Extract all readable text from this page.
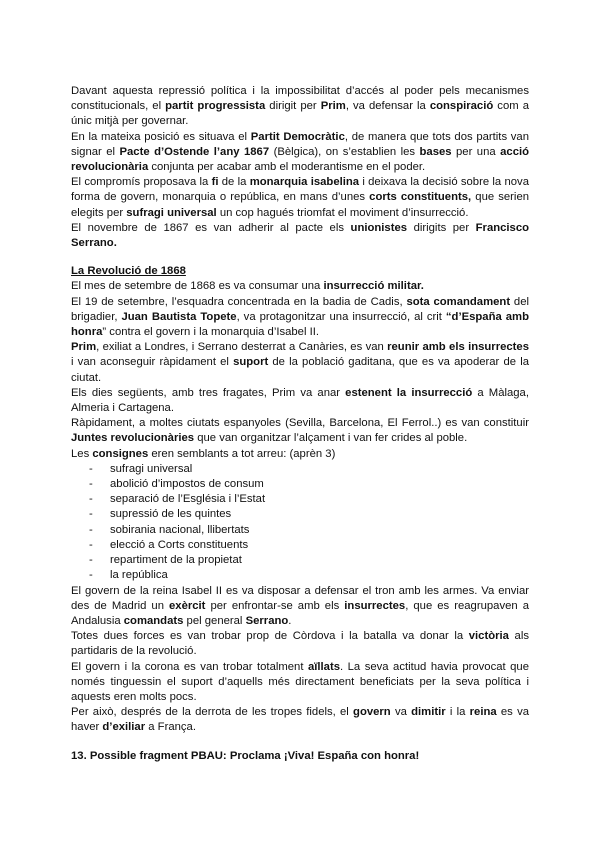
Davant aquesta repressió política i la impossibilitat d’accés al poder pels mecanismes constitucionals, el partit progressista dirigit per Prim, va defensar la conspiració com a únic mitjà per governar.

En la mateixa posició es situava el Partit Democràtic, de manera que tots dos partits van signar el Pacte d’Ostende l’any 1867 (Bèlgica), on s’establien les bases per una acció revolucionària conjunta per acabar amb el moderantisme en el poder.

El compromís proposava la fi de la monarquia isabelina i deixava la decisió sobre la nova forma de govern, monarquia o república, en mans d’unes corts constituents, que serien elegits per sufragi universal un cop hagués triomfat el moviment d’insurrecció.

El novembre de 1867 es van adherir al pacte els unionistes dirigits per Francisco Serrano.

La Revolució de 1868

El mes de setembre de 1868 es va consumar una insurrecció militar.

El 19 de setembre, l’esquadra concentrada en la badia de Cadis, sota comandament del brigadier, Juan Bautista Topete, va protagonitzar una insurrecció, al crit “d’España amb honra” contra el govern i la monarquia d’Isabel II.

Prim, exiliat a Londres, i Serrano desterrat a Canàries, es van reunir amb els insurrectes i van aconseguir ràpidament el suport de la població gaditana, que es va apoderar de la ciutat.

Els dies següents, amb tres fragates, Prim va anar estenent la insurrecció a Màlaga, Almeria i Cartagena.

Ràpidament, a moltes ciutats espanyoles (Sevilla, Barcelona, El Ferrol..) es van constituir Juntes revolucionàries que van organitzar l’alçament i van fer crides al poble.

Les consignes eren semblants a tot arreu: (aprèn 3)

- sufragi universal
- abolició d’impostos de consum
- separació de l’Església i l’Estat
- supressió de les quintes
- sobirania nacional, llibertats
- elecció a Corts constituents
- repartiment de la propietat
- la república

El govern de la reina Isabel II es va disposar a defensar el tron amb les armes. Va enviar des de Madrid un exèrcit per enfrontar-se amb els insurrectes, que es reagrupaven a Andalusia comandats pel general Serrano.

Totes dues forces es van trobar prop de Còrdova i la batalla va donar la victòria als partidaris de la revolució.

El govern i la corona es van trobar totalment aïllats. La seva actitud havia provocat que només tinguessin el suport d’aquells més directament beneficiats per la seva política i aquests eren molts pocs.

Per això, després de la derrota de les tropes fidels, el govern va dimitir i la reina es va haver d’exiliar a França.

13. Possible fragment PBAU: Proclama ¡Viva! España con honra!
